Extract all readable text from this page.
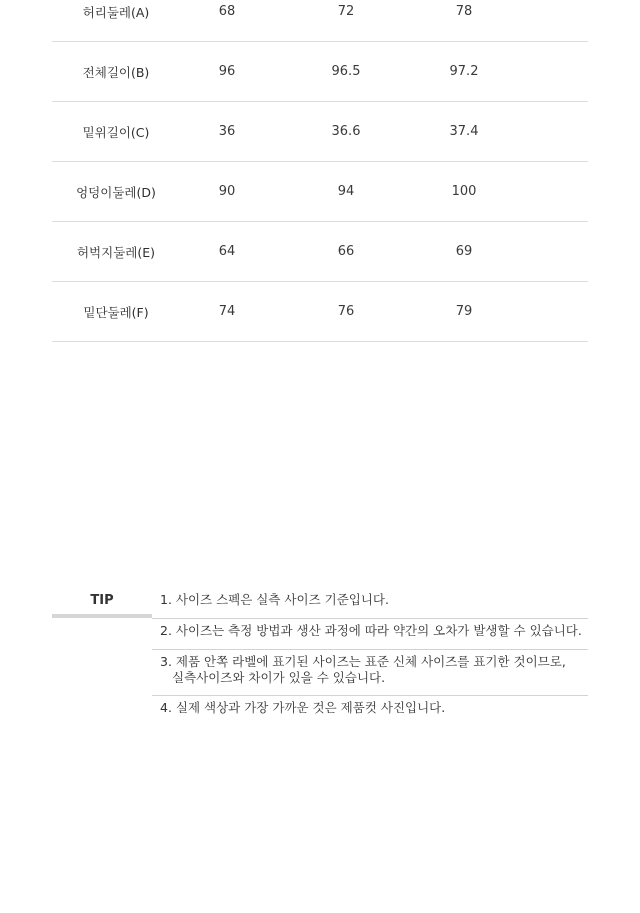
허리둘레(A)	68	72	78	
전체길이(B)	96	96.5	97.2	
밑위길이(C)	36	36.6	37.4	
엉덩이둘레(D)	90	94	100	
허벅지둘레(E)	64	66	69	
밑단둘레(F)	74	76	79	
TIP	1. 사이즈 스펙은 실측 사이즈 기준입니다.
2. 사이즈는 측정 방법과 생산 과정에 따라 약간의 오차가 발생할 수 있습니다.
3. 제품 안쪽 라벨에 표기된 사이즈는 표준 신체 사이즈를 표기한 것이므로,
실측사이즈와 차이가 있을 수 있습니다.
4. 실제 색상과 가장 가까운 것은 제품컷 사진입니다.
